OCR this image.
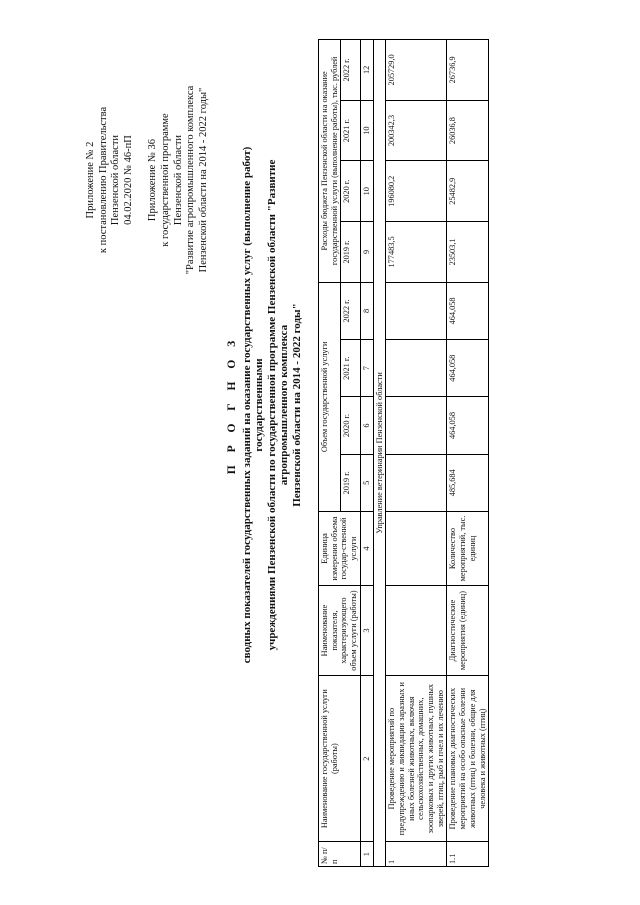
Приложение № 2 к постановлению Правительства Пензенской области 04.02.2020 № 46-пП Приложение № 36 к государственной программе Пензенской области "Развитие агропромышленного комплекса Пензенской области на 2014 - 2022 годы"
П Р О Г Н О З сводных показателей государственных заданий на оказание государственных услуг (выполнение работ) государственными учреждениями Пензенской области по государственной программе Пензенской области "Развитие агропромышленного комплекса Пензенской области на 2014 - 2022 годы"
№ п/п	Наименование государственной услуги (работы)	Наименование показателя, характеризующего объем услуги (работы)	Единица измерения объема государ-ственной услуги	Объем государственной услуги				Расходы бюджета Пензенской области на оказание государственной услуги (выполнение работы), тыс. рублей			
				2019 г.	2020 г.	2021 г.	2022 г.	2019 г.	2020 г.	2021 г.	2022 г.

1	2	3	4	5	6	7	8	9	10	10	12
Управление ветеринарии Пензенской области											
1	Проведение мероприятий по предупреждению и ликвидации заразных и иных болезней животных, включая сельскохозяйственных, домашних, зоопарковых и других животных, пушных зверей, птиц, рыб и пчел и их лечению							177483,5	196080,2	200342,3	205729,0
1.1	Проведение плановых диагностических мероприятий на особо опасные болезни животных (птиц) и болезни, общие для человека и животных (птиц)	Диагностические мероприятия (единиц)	Количество мероприятий, тыс. единиц	485,684	464,058	464,058	464,058	23503,1	25482,9	26036,8	26736,9
